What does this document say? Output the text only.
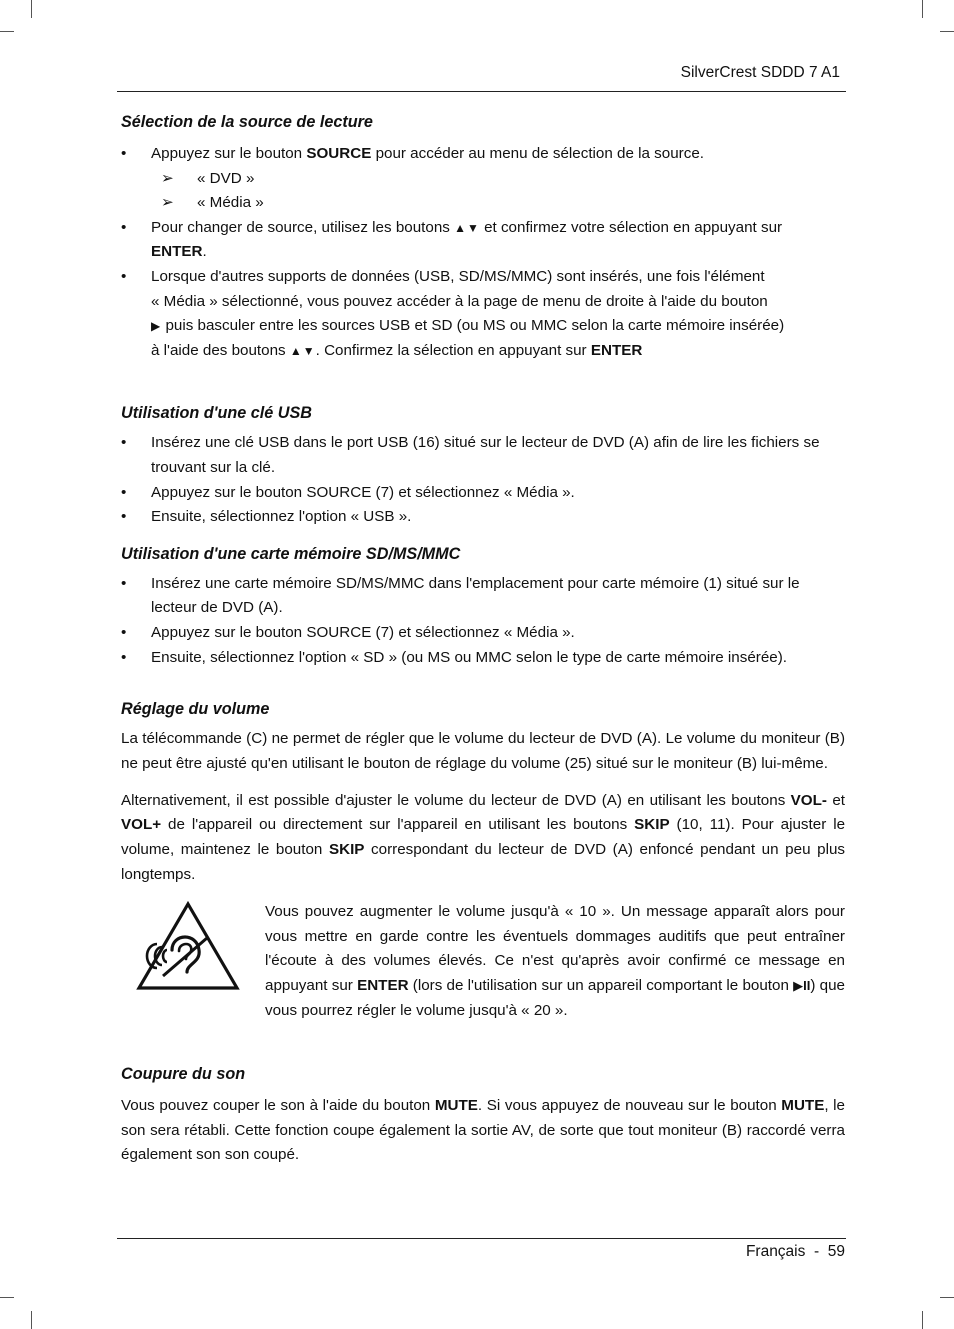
SilverCrest SDDD 7 A1
Sélection de la source de lecture
•	Appuyez sur le bouton SOURCE pour accéder au menu de sélection de la source.
➢ « DVD »
➢ « Média »
•	Pour changer de source, utilisez les boutons ▲▼ et confirmez votre sélection en appuyant sur
ENTER.
•	Lorsque d'autres supports de données (USB, SD/MS/MMC) sont insérés, une fois l'élément
« Média » sélectionné, vous pouvez accéder à la page de menu de droite à l'aide du bouton
▶ puis basculer entre les sources USB et SD (ou MS ou MMC selon la carte mémoire insérée)
à l'aide des boutons ▲▼. Confirmez la sélection en appuyant sur ENTER
Utilisation d'une clé USB
•	Insérez une clé USB dans le port USB (16) situé sur le lecteur de DVD (A) afin de lire les fichiers se trouvant sur la clé.
•	Appuyez sur le bouton SOURCE (7) et sélectionnez « Média ».
•	Ensuite, sélectionnez l'option « USB ».
Utilisation d'une carte mémoire SD/MS/MMC
•	Insérez une carte mémoire SD/MS/MMC dans l'emplacement pour carte mémoire (1) situé sur le lecteur de DVD (A).
•	Appuyez sur le bouton SOURCE (7) et sélectionnez « Média ».
•	Ensuite, sélectionnez l'option « SD » (ou MS ou MMC selon le type de carte mémoire insérée).
Réglage du volume

La télécommande (C) ne permet de régler que le volume du lecteur de DVD (A). Le volume du moniteur (B) ne peut être ajusté qu'en utilisant le bouton de réglage du volume (25) situé sur le moniteur (B) lui-même.

Alternativement, il est possible d'ajuster le volume du lecteur de DVD (A) en utilisant les boutons VOL- et VOL+ de l'appareil ou directement sur l'appareil en utilisant les boutons SKIP (10, 11). Pour ajuster le volume, maintenez le bouton SKIP correspondant du lecteur de DVD (A) enfoncé pendant un peu plus longtemps.

Vous pouvez augmenter le volume jusqu'à « 10 ». Un message apparaît alors pour vous mettre en garde contre les éventuels dommages auditifs que peut entraîner l'écoute à des volumes élevés. Ce n'est qu'après avoir confirmé ce message en appuyant sur ENTER (lors de l'utilisation sur un appareil comportant le bouton ▶II) que vous pourrez régler le volume jusqu'à « 20 ».

Coupure du son

Vous pouvez couper le son à l'aide du bouton MUTE. Si vous appuyez de nouveau sur le bouton MUTE, le son sera rétabli. Cette fonction coupe également la sortie AV, de sorte que tout moniteur (B) raccordé verra également son son coupé.

Français  -  59
